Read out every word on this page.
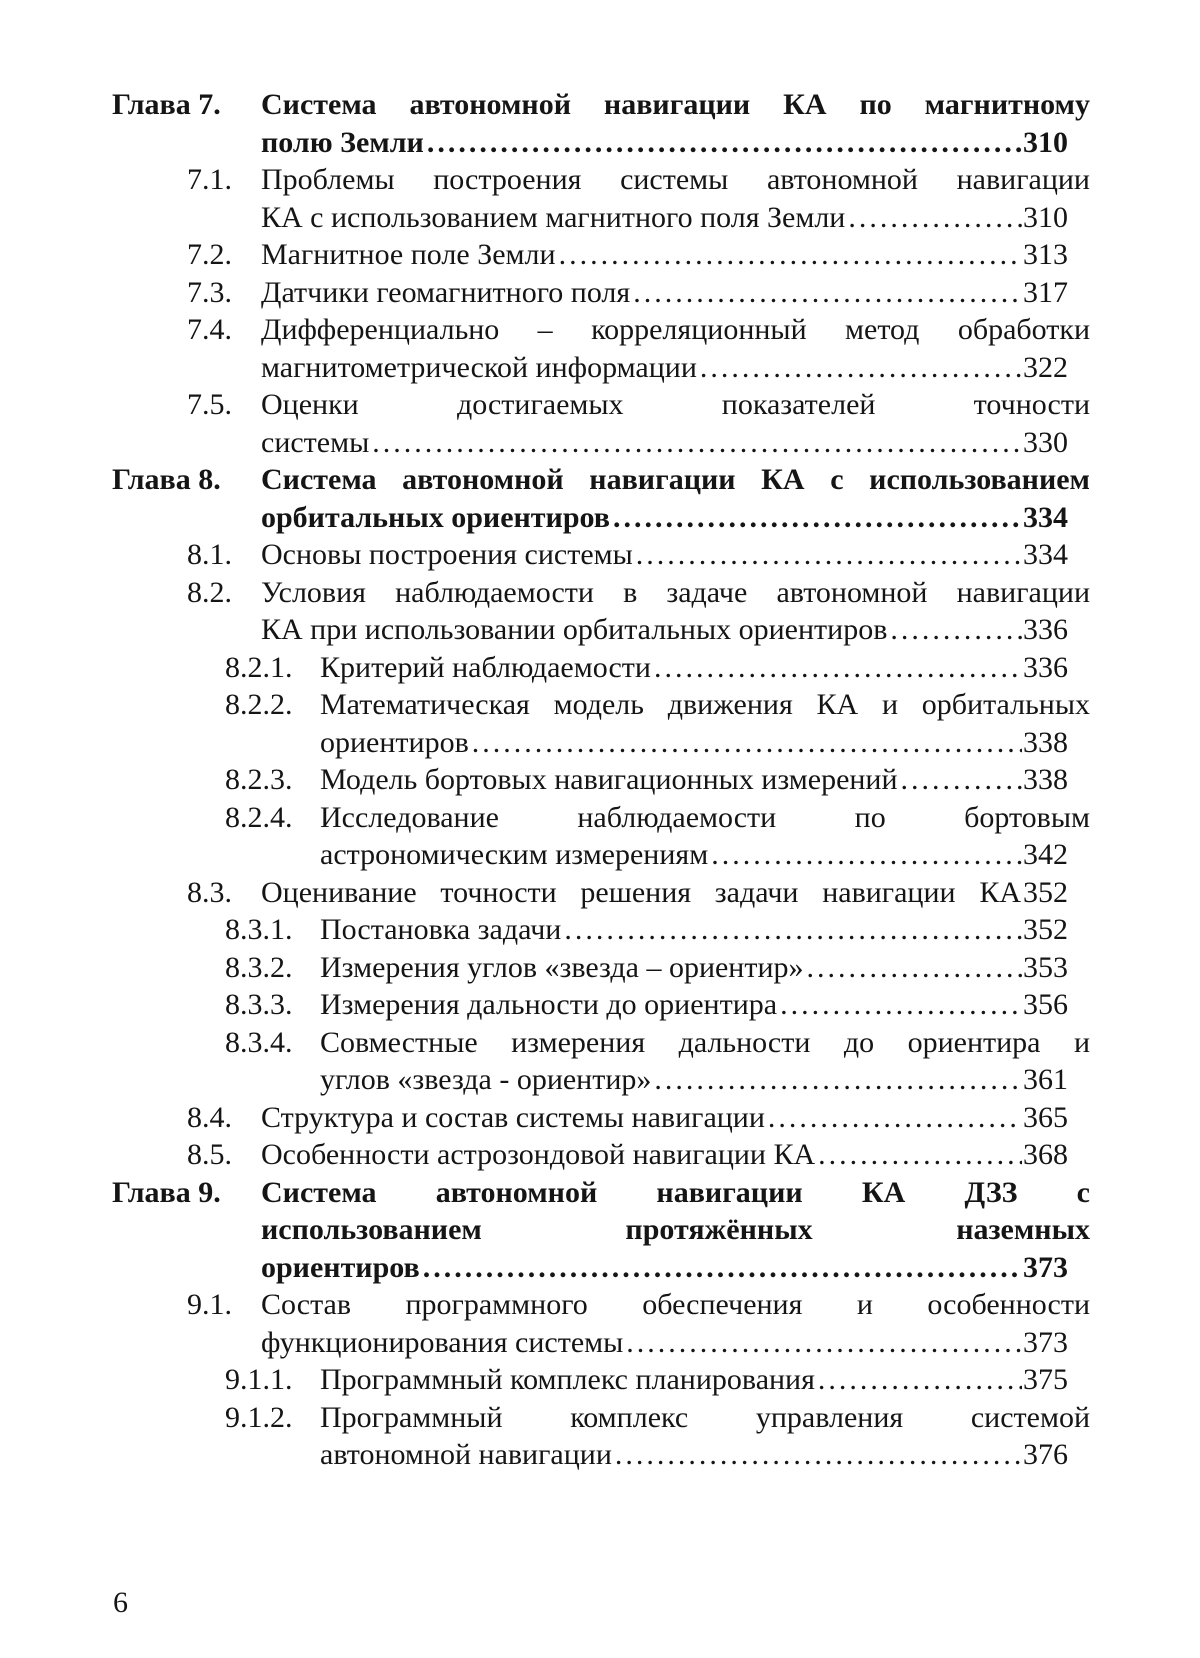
Глава 7. Система автономной навигации КА по магнитному
полю Земли .....	310
7.1. Проблемы построения системы автономной навигации
КА с использованием магнитного поля Земли .....	310
7.2. Магнитное поле Земли .....	313
7.3. Датчики геомагнитного поля .....	317
7.4. Дифференциально – корреляционный метод обработки
магнитометрической информации .....	322
7.5. Оценки достигаемых показателей точности
системы .....	330
Глава 8. Система автономной навигации КА с использованием
орбитальных ориентиров .....	334
8.1. Основы построения системы .....	334
8.2. Условия наблюдаемости в задаче автономной навигации
КА при использовании орбитальных ориентиров .....	336
8.2.1. Критерий наблюдаемости .....	336
8.2.2. Математическая модель движения КА и орбитальных
ориентиров .....	338
8.2.3. Модель бортовых навигационных измерений .....	338
8.2.4. Исследование наблюдаемости по бортовым
астрономическим измерениям .....	342
8.3. Оценивание точности решения задачи навигации КА 352
8.3.1. Постановка задачи .....	352
8.3.2. Измерения углов «звезда – ориентир» .....	353
8.3.3. Измерения дальности до ориентира .....	356
8.3.4. Совместные измерения дальности до ориентира и
углов «звезда - ориентир» .....	361
8.4. Структура и состав системы навигации .....	365
8.5. Особенности астрозондовой навигации КА .....	368
Глава 9. Система автономной навигации КА ДЗЗ с
использованием протяжённых наземных
ориентиров .....	373
9.1. Состав программного обеспечения и особенности
функционирования системы .....	373
9.1.1. Программный комплекс планирования .....	375
9.1.2. Программный комплекс управления системой
автономной навигации .....	376
6
